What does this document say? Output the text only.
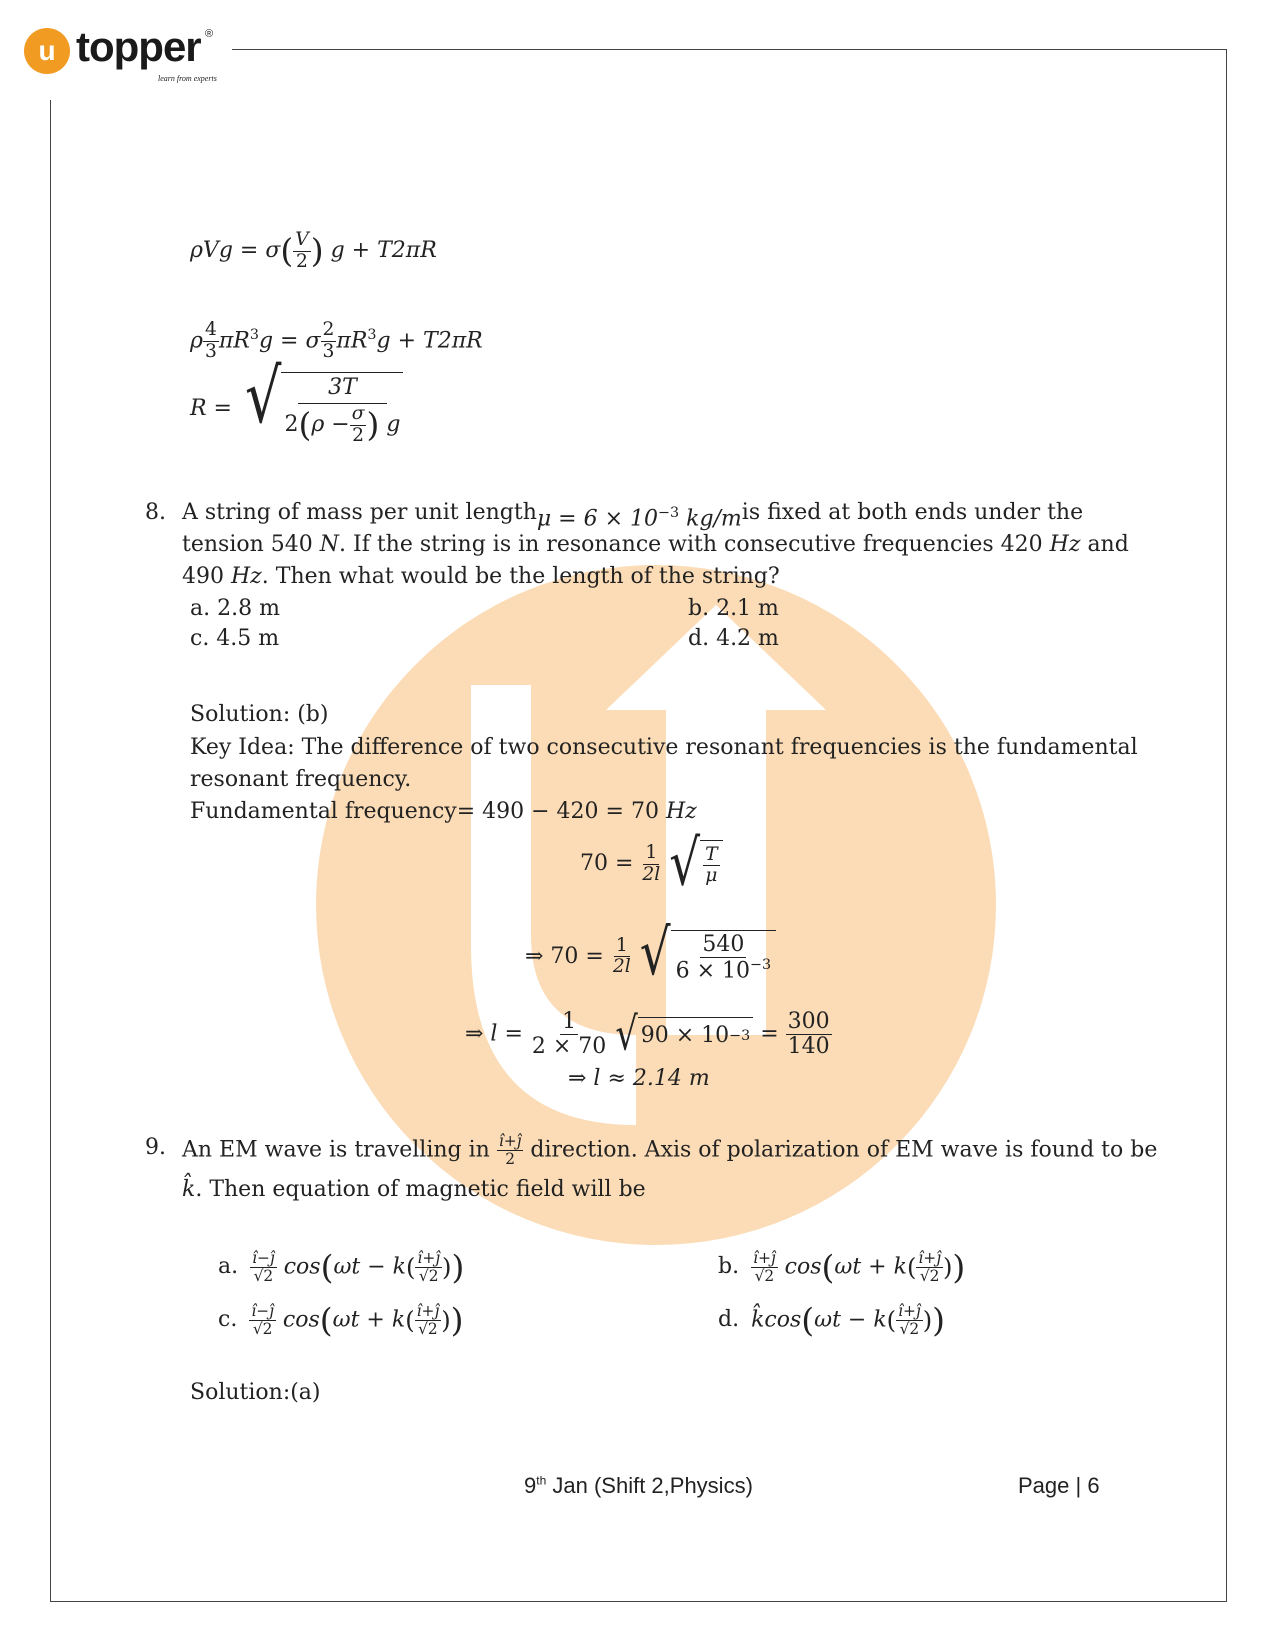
u topper ®
learn from experts
$\rho Vg = \sigma( \frac{V}{2}$ ) g + T2πR
ρ $\frac{4}{3} \pi R^3g = \sigma \frac{2}{3} \pi R^3g + T2\pi R$
R = √	3T
$2(\rho - \frac{\sigma}{2}$ ) g
8. A string of mass per unit length $\mu = 6 \times 10^{-3}$ kg/m is fixed at both ends under the
tension 540 N. If the string is in resonance with consecutive frequencies 420 Hz and
490 Hz. Then what would be the length of the string?
a. 2.8 m	b. 2.1 m
c. 4.5 m	d. 4.2 m
Solution: (b)
Key Idea: The difference of two consecutive resonant frequencies is the fundamental
resonant frequency.
Fundamental frequency= 490 − 420 = 70 Hz
$70 = \frac{1}{2l}$
√ $\frac{T}{\mu}$
⇒ $70 = \frac{1}{2l}$
√ $\frac{540}{6 \times 10^{-3}}$
⇒ $l = \frac{1}{2 \times 70}$
√ $90 \times 10 -3 = \frac{300}{140}$
⇒ l ≈ 2.14 m
9. An EM wave is travelling in $\frac{î+ĵ}{2}$ direction. Axis of polarization of EM wave is found to be
k̂. Then equation of magnetic field will be
a. $\frac{î-ĵ}{√2} \cos(\omega t - k( \frac{î+ĵ}{√2}$ ))	b. $\frac{î+ĵ}{√2} \cos(\omega t + k( \frac{î+ĵ}{√2}$ ))
c. $\frac{î-ĵ}{√2} \cos(\omega t + k( \frac{î+ĵ}{√2}$ ))	d. k̂cos(ωt − $k( \frac{î+ĵ}{√2}$ ))
Solution:(a)
9th Jan (Shift 2,Physics)	Page | 6
